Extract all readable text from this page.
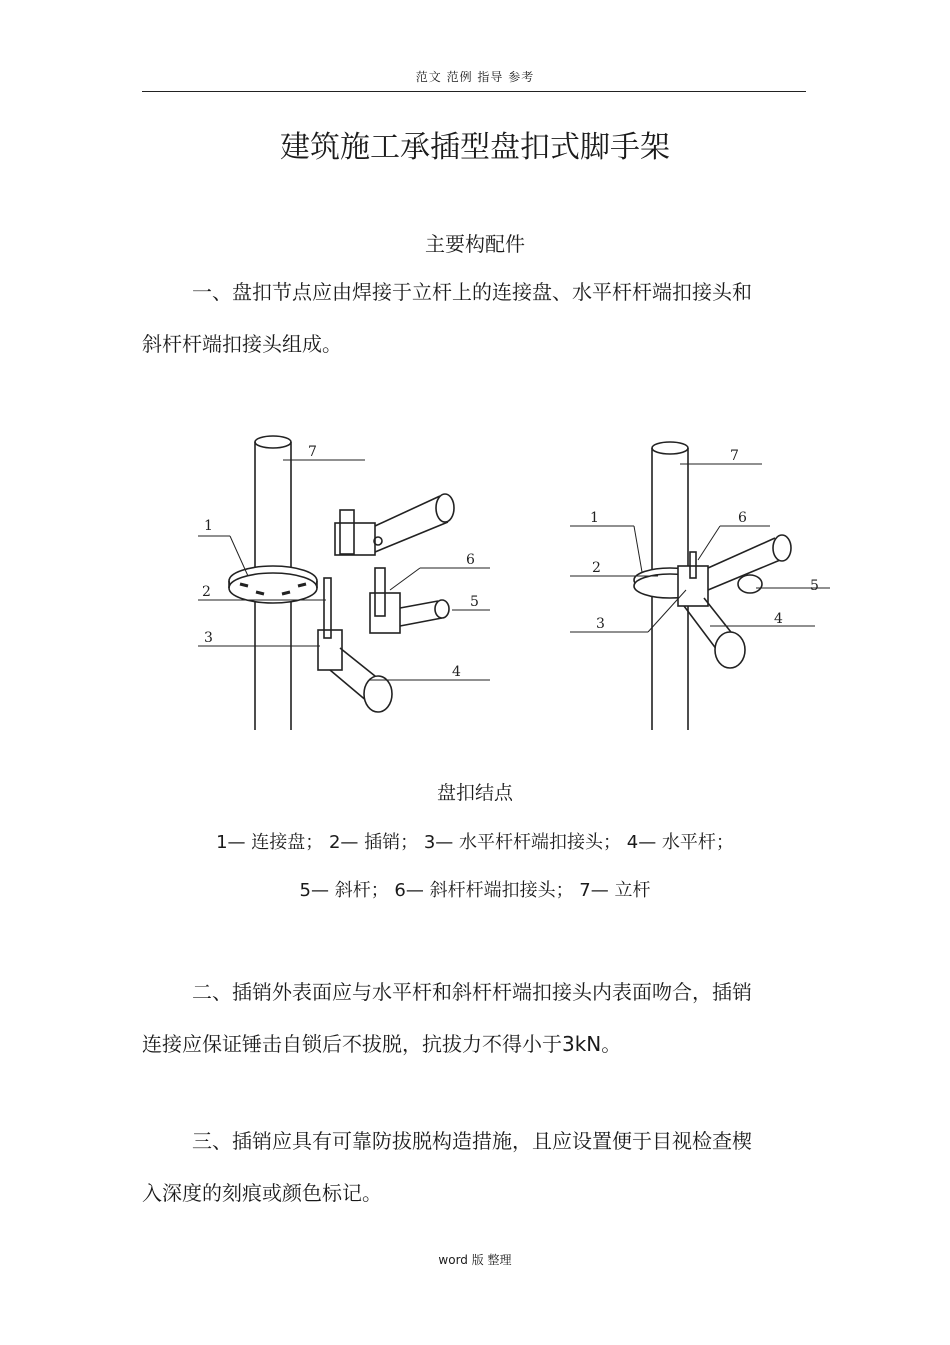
范文 范例 指导 参考
建筑施工承插型盘扣式脚手架
主要构配件

一、盘扣节点应由焊接于立杆上的连接盘、水平杆杆端扣接头和斜杆杆端扣接头组成。

1
2
3
4
5
6
7
1
2
3	4
5
6
7
盘扣结点
1— 连接盘； 2— 插销； 3— 水平杆杆端扣接头； 4— 水平杆；
5— 斜杆； 6— 斜杆杆端扣接头； 7— 立杆

二、插销外表面应与水平杆和斜杆杆端扣接头内表面吻合，插销连接应保证锤击自锁后不拔脱，抗拔力不得小于3kN。

三、插销应具有可靠防拔脱构造措施，且应设置便于目视检查楔入深度的刻痕或颜色标记。

word 版 整理
